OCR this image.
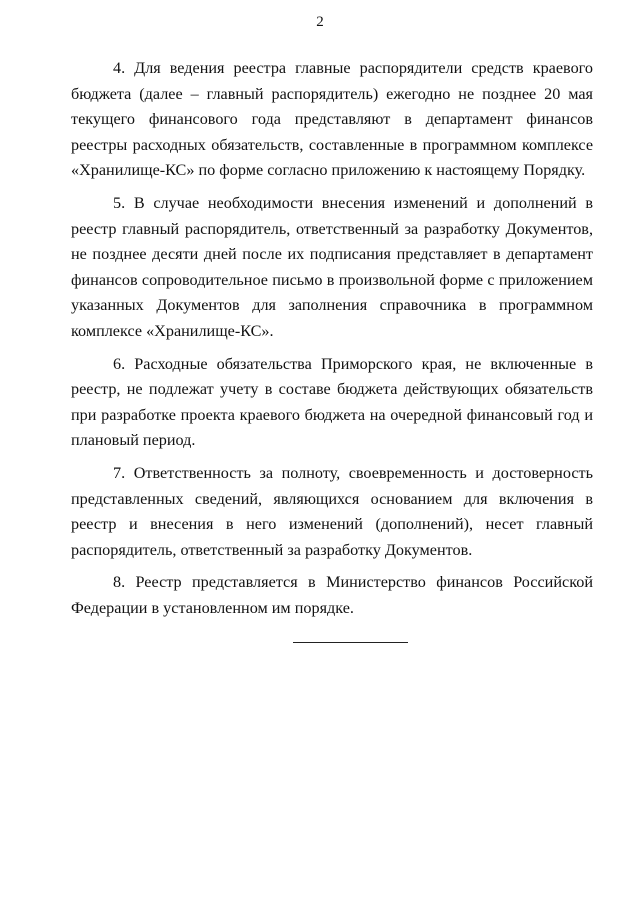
2

4. Для ведения реестра главные распорядители средств краевого бюджета (далее – главный распорядитель) ежегодно не позднее 20 мая текущего финансового года представляют в департамент финансов реестры расходных обязательств, составленные в программном комплексе «Хранилище-КС» по форме согласно приложению к настоящему Порядку.

5. В случае необходимости внесения изменений и дополнений в реестр главный распорядитель, ответственный за разработку Документов, не позднее десяти дней после их подписания представляет в департамент финансов сопроводительное письмо в произвольной форме с приложением указанных Документов для заполнения справочника в программном комплексе «Хранилище-КС».

6. Расходные обязательства Приморского края, не включенные в реестр, не подлежат учету в составе бюджета действующих обязательств при разработке проекта краевого бюджета на очередной финансовый год и плановый период.

7. Ответственность за полноту, своевременность и достоверность представленных сведений, являющихся основанием для включения в реестр и внесения в него изменений (дополнений), несет главный распорядитель, ответственный за разработку Документов.

8. Реестр представляется в Министерство финансов Российской Федерации в установленном им порядке.
